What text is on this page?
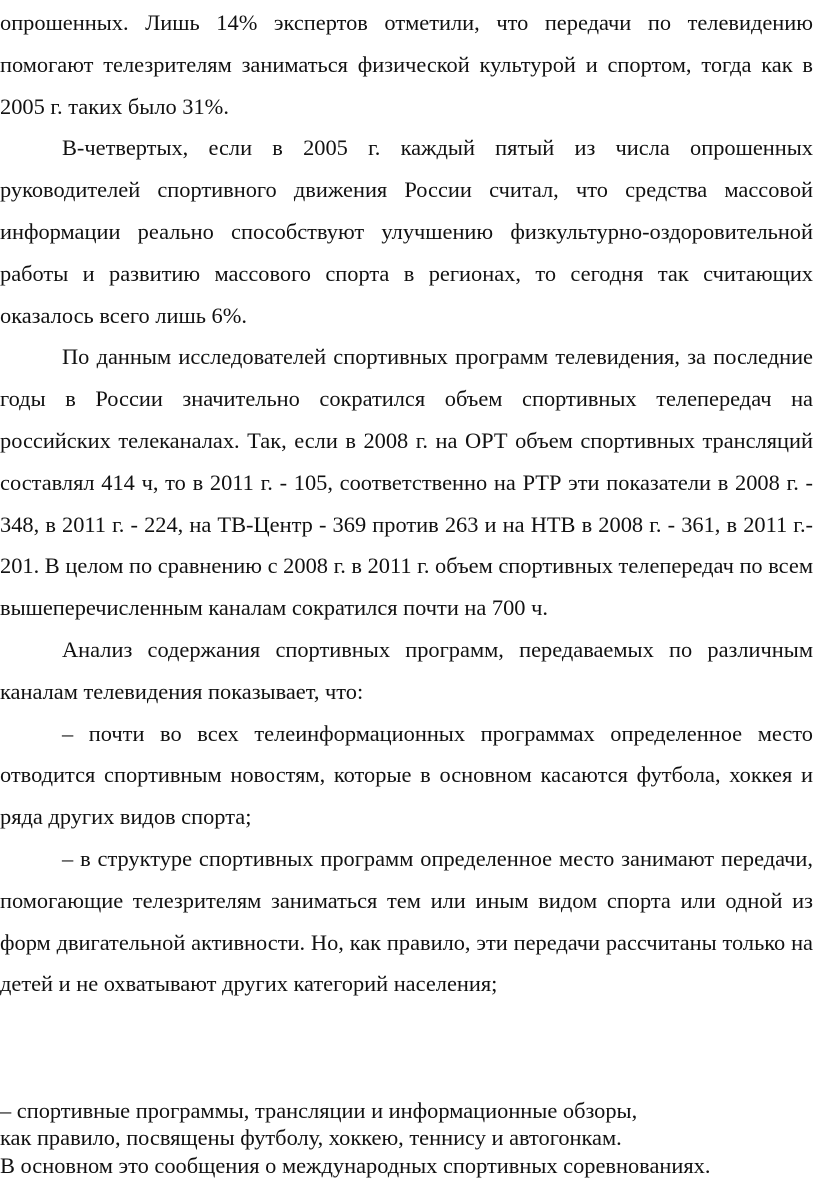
опрошенных. Лишь 14% экспертов отметили, что передачи по телевидению помогают телезрителям заниматься физической культурой и спортом, тогда как в 2005 г. таких было 31%.

В-четвертых, если в 2005 г. каждый пятый из числа опрошенных руководителей спортивного движения России считал, что средства массовой информации реально способствуют улучшению физкультурно-оздоровительной работы и развитию массового спорта в регионах, то сегодня так считающих оказалось всего лишь 6%.

По данным исследователей спортивных программ телевидения, за последние годы в России значительно сократился объем спортивных телепередач на российских телеканалах. Так, если в 2008 г. на ОРТ объем спортивных трансляций составлял 414 ч, то в 2011 г. - 105, соответственно на РТР эти показатели в 2008 г. - 348, в 2011 г. - 224, на ТВ-Центр - 369 против 263 и на НТВ в 2008 г. - 361, в 2011 г.- 201. В целом по сравнению с 2008 г. в 2011 г. объем спортивных телепередач по всем вышеперечисленным каналам сократился почти на 700 ч.

Анализ содержания спортивных программ, передаваемых по различным каналам телевидения показывает, что:

– почти во всех телеинформационных программах определенное место отводится спортивным новостям, которые в основном касаются футбола, хоккея и ряда других видов спорта;

– в структуре спортивных программ определенное место занимают передачи, помогающие телезрителям заниматься тем или иным видом спорта или одной из форм двигательной активности. Но, как правило, эти передачи рассчитаны только на детей и не охватывают других категорий населения;

– спортивные программы, трансляции и информационные обзоры,

как правило, посвящены футболу, хоккею, теннису и автогонкам.

В основном это сообщения о международных спортивных соревнованиях.
